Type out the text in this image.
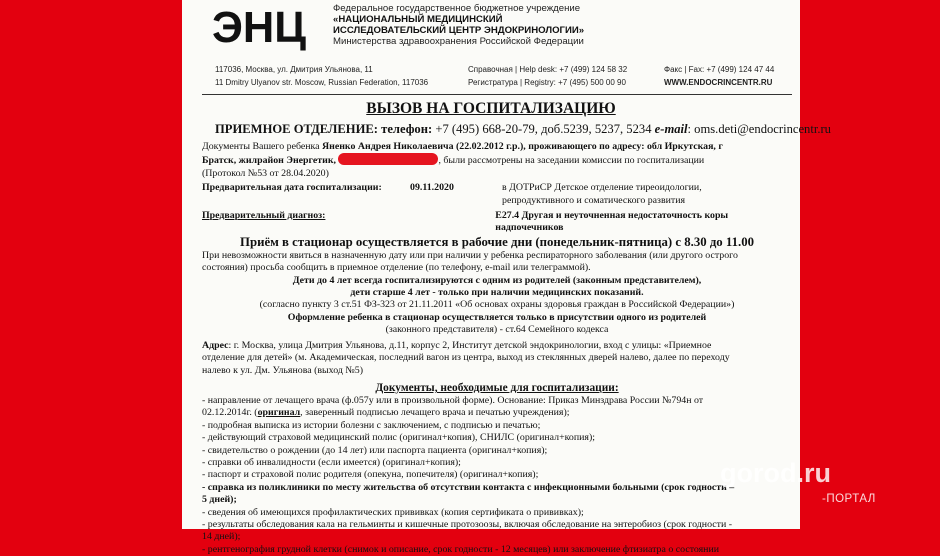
ЭНЦ	Федеральное государственное бюджетное учреждение
«НАЦИОНАЛЬНЫЙ МЕДИЦИНСКИЙ
ИССЛЕДОВАТЕЛЬСКИЙ ЦЕНТР ЭНДОКРИНОЛОГИИ»
Министерства здравоохранения Российской Федерации
117036, Москва, ул. Дмитрия Ульянова, 11
11 Dmitry Ulyanov str. Moscow, Russian Federation, 117036
Справочная | Help desk: +7 (499) 124 58 32
Регистратура | Registry: +7 (495) 500 00 90
Факс | Fax: +7 (499) 124 47 44
WWW.ENDOCRINCENTR.RU
ВЫЗОВ НА ГОСПИТАЛИЗАЦИЮ
ПРИЕМНОЕ ОТДЕЛЕНИЕ: телефон: +7 (495) 668-20-79, доб.5239, 5237, 5234 e-mail: oms.deti@endocrincentr.ru

Документы Вашего ребенка Яненко Андрея Николаевича (22.02.2012 г.р.), проживающего по адресу: обл Иркутская, г

Братск, жилрайон Энергетик,	, были рассмотрены на заседании комиссии по госпитализации

(Протокол №53 от 28.04.2020)

Предварительная дата госпитализации:	09.11.2020	в ДОТРиСР Детское отделение тиреоидологии,
репродуктивного и соматического развития
Предварительный диагноз:	E27.4 Другая и неуточненная недостаточность коры надпочечников

Приём в стационар осуществляется в рабочие дни (понедельник-пятница) с 8.30 до 11.00

При невозможности явиться в назначенную дату или при наличии у ребенка респираторного заболевания (или другого острого

состояния) просьба сообщить в приемное отделение (по телефону, e-mail или телеграммой).

Дети до 4 лет всегда госпитализируются с одним из родителей (законным представителем),

дети старше 4 лет - только при наличии медицинских показаний.

(согласно пункту 3 ст.51 ФЗ-323 от 21.11.2011 «Об основах охраны здоровья граждан в Российской Федерации»)

Оформление ребенка в стационар осуществляется только в присутствии одного из родителей

(законного представителя) - ст.64 Семейного кодекса

Адрес: г. Москва, улица Дмитрия Ульянова, д.11, корпус 2, Институт детской эндокринологии, вход с улицы: «Приемное

отделение для детей» (м. Академическая, последний вагон из центра, выход из стеклянных дверей налево, далее по переходу

налево к ул. Дм. Ульянова (выход №5)

Документы, необходимые для госпитализации:

- направление от лечащего врача (ф.057у или в произвольной форме). Основание: Приказ Минздрава России №794н от

02.12.2014г. (оригинал, заверенный подписью лечащего врача и печатью учреждения);

- подробная выписка из истории болезни с заключением, с подписью и печатью;

- действующий страховой медицинский полис (оригинал+копия), СНИЛС (оригинал+копия);

- свидетельство о рождении (до 14 лет) или паспорта пациента (оригинал+копия);

- справки об инвалидности (если имеется) (оригинал+копия);

- паспорт и страховой полис родителя (опекуна, попечителя) (оригинал+копия);

- справка из поликлиники по месту жительства об отсутствии контакта с инфекционными больными (срок годности –

5 дней);

- сведения об имеющихся профилактических прививках (копия сертификата о прививках);

- результаты обследования кала на гельминты и кишечные протозоозы, включая обследование на энтеробиоз (срок годности -

14 дней);

- рентгенография грудной клетки (снимок и описание, срок годности - 12 месяцев) или заключение фтизиатра о состоянии

gorod.ru
-ПОРТАЛ
